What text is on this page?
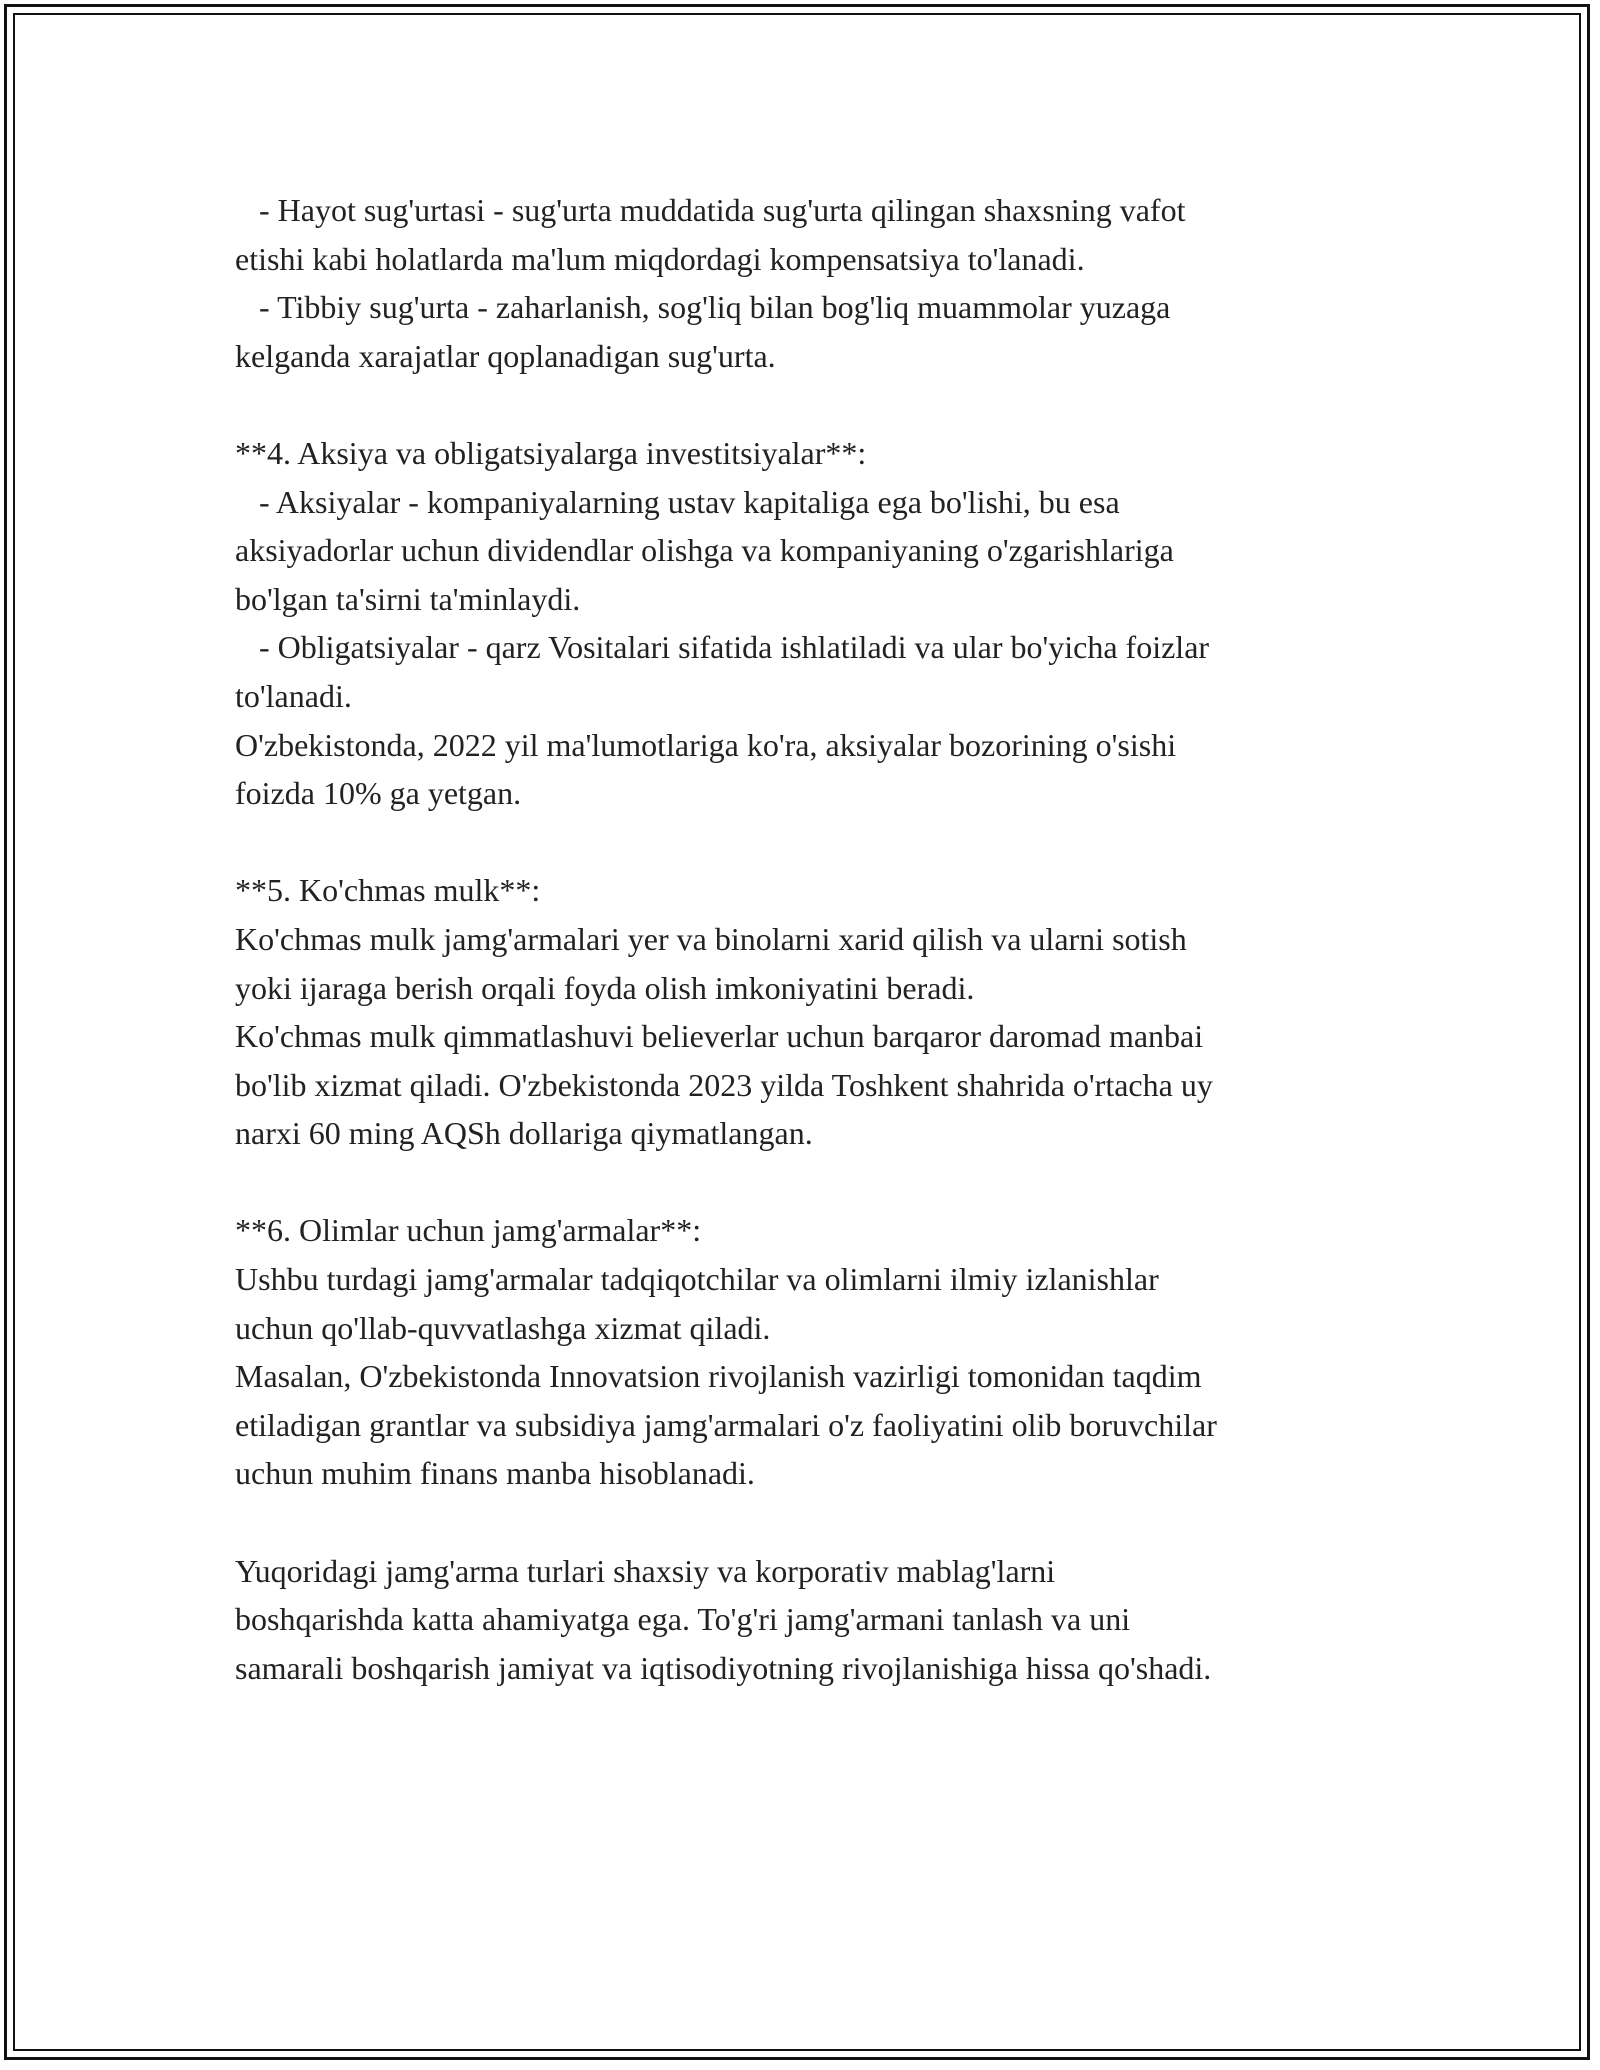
- Hayot sug'urtasi - sug'urta muddatida sug'urta qilingan shaxsning vafot
etishi kabi holatlarda ma'lum miqdordagi kompensatsiya to'lanadi.
- Tibbiy sug'urta - zaharlanish, sog'liq bilan bog'liq muammolar yuzaga
kelganda xarajatlar qoplanadigan sug'urta.
**4. Aksiya va obligatsiyalarga investitsiyalar**:
- Aksiyalar - kompaniyalarning ustav kapitaliga ega bo'lishi, bu esa
aksiyadorlar uchun dividendlar olishga va kompaniyaning o'zgarishlariga
bo'lgan ta'sirni ta'minlaydi.
- Obligatsiyalar - qarz Vositalari sifatida ishlatiladi va ular bo'yicha foizlar
to'lanadi.
O'zbekistonda, 2022 yil ma'lumotlariga ko'ra, aksiyalar bozorining o'sishi
foizda 10% ga yetgan.
**5. Ko'chmas mulk**:
Ko'chmas mulk jamg'armalari yer va binolarni xarid qilish va ularni sotish
yoki ijaraga berish orqali foyda olish imkoniyatini beradi.
Ko'chmas mulk qimmatlashuvi believerlar uchun barqaror daromad manbai
bo'lib xizmat qiladi. O'zbekistonda 2023 yilda Toshkent shahrida o'rtacha uy
narxi 60 ming AQSh dollariga qiymatlangan.
**6. Olimlar uchun jamg'armalar**:
Ushbu turdagi jamg'armalar tadqiqotchilar va olimlarni ilmiy izlanishlar
uchun qo'llab-quvvatlashga xizmat qiladi.
Masalan, O'zbekistonda Innovatsion rivojlanish vazirligi tomonidan taqdim
etiladigan grantlar va subsidiya jamg'armalari o'z faoliyatini olib boruvchilar
uchun muhim finans manba hisoblanadi.
Yuqoridagi jamg'arma turlari shaxsiy va korporativ mablag'larni
boshqarishda katta ahamiyatga ega. To'g'ri jamg'armani tanlash va uni
samarali boshqarish jamiyat va iqtisodiyotning rivojlanishiga hissa qo'shadi.
